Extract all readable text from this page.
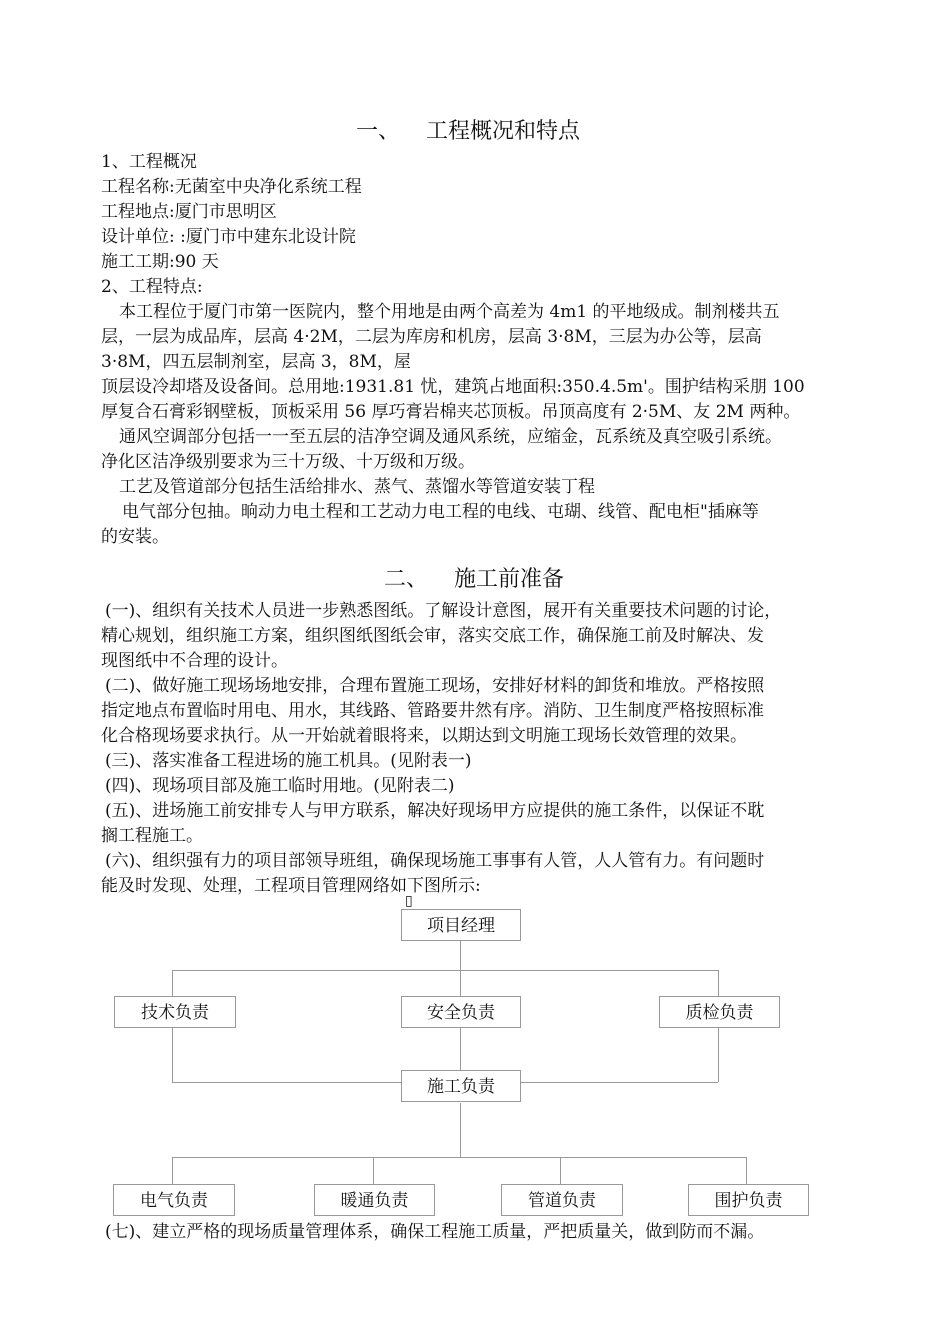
一、 工程概况和特点

1、工程概况

工程名称:无菌室中央净化系统工程

工程地点:厦门市思明区

设计单位: :厦门市中建东北设计院

施工工期:90 天

2、工程特点:

本工程位于厦门市第一医院内，整个用地是由两个高差为 4m1 的平地级成。制剂楼共五

层，一层为成品库，层高 4·2M，二层为库房和机房，层高 3·8M，三层为办公等，层高

3·8M，四五层制剂室，层高 3，8M，屋

顶层设冷却塔及设备间。总用地:1931.81 忧，建筑占地面积:350.4.5m'。围护结构采朋 100

厚复合石膏彩钢壁板，顶板采用 56 厚巧膏岩棉夹芯顶板。吊顶高度有 2·5M、友 2M 两种。

通风空调部分包括一一至五层的洁净空调及通风系统，应缩金，瓦系统及真空吸引系统。

净化区洁净级别要求为三十万级、十万级和万级。

工艺及管道部分包括生活给排水、蒸气、蒸馏水等管道安装丁程

电气部分包抽。晌动力电土程和工艺动力电工程的电线、屯瑚、线管、配电柜"插麻等

的安装。

二、 施工前准备

(一)、组织有关技术人员进一步熟悉图纸。了解设计意图，展开有关重要技术问题的讨论，

精心规划，组织施工方案，组织图纸图纸会审，落实交底工作，确保施工前及时解决、发

现图纸中不合理的设计。

(二)、做好施工现场场地安排，合理布置施工现场，安排好材料的卸货和堆放。严格按照

指定地点布置临时用电、用水，其线路、管路要井然有序。消防、卫生制度严格按照标准

化合格现场要求执行。从一开始就着眼将来，以期达到文明施工现场长效管理的效果。

(三)、落实准备工程进场的施工机具。(见附表一)

(四)、现场项目部及施工临时用地。(见附表二)

(五)、进场施工前安排专人与甲方联系，解决好现场甲方应提供的施工条件，以保证不耽

搁工程施工。

(六)、组织强有力的项目部领导班组，确保现场施工事事有人管，人人管有力。有问题时

能及时发现、处理，工程项目管理网络如下图所示:

▯
项目经理
技术负责	安全负责	质检负责
施工负责
电气负责	暖通负责	管道负责	围护负责

(七)、建立严格的现场质量管理体系，确保工程施工质量，严把质量关，做到防而不漏。
